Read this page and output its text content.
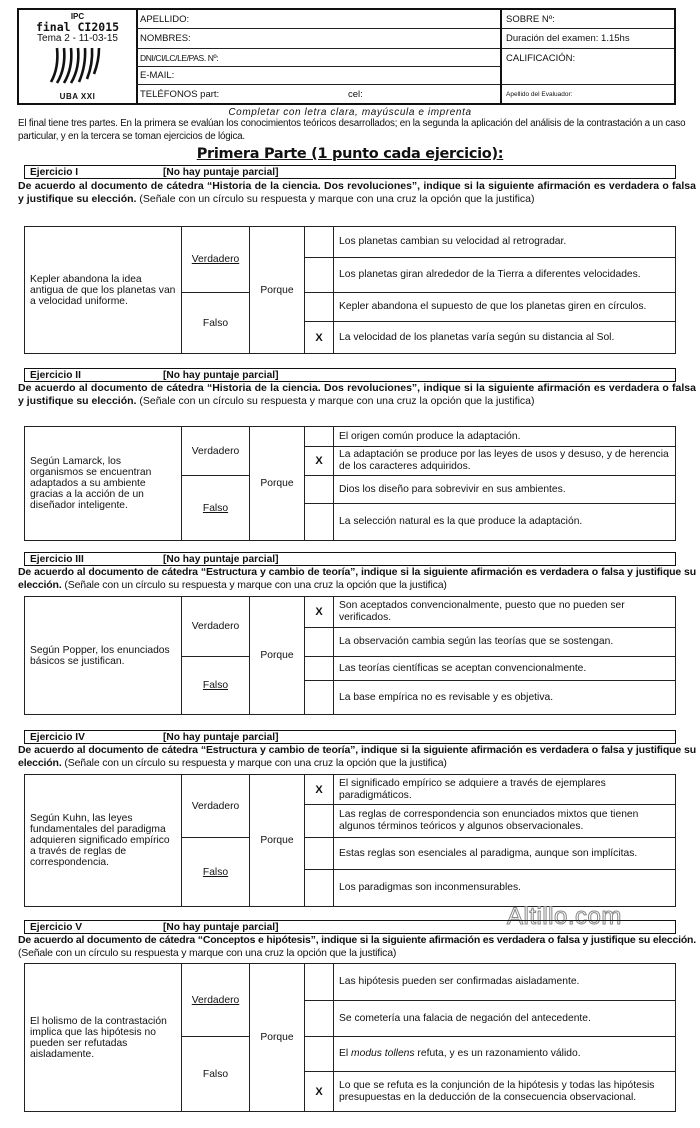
IPC
final CI2015
Tema 2 - 11-03-15
UBA XXI
APELLIDO:
NOMBRES:
DNI/CI/LC/LE/PAS. Nº:
E-MAIL:
TELÉFONOS part:	cel:
SOBRE Nº:
Duración del examen: 1.15hs
CALIFICACIÓN:
Apellido del Evaluador:
Completar con letra clara, mayúscula e imprenta
El final tiene tres partes. En la primera se evalúan los conocimientos teóricos desarrollados; en la segunda la aplicación del análisis de la contrastación a un caso particular, y en la tercera se toman ejercicios de lógica.
Primera Parte (1 punto cada ejercicio):
Ejercicio I	[No hay puntaje parcial]
De acuerdo al documento de cátedra “Historia de la ciencia. Dos revoluciones”, indique si la siguiente afirmación es verdadera o falsa y justifique su elección. (Señale con un círculo su respuesta y marque con una cruz la opción que la justifica)
Kepler abandona la idea antigua de que los planetas van a velocidad uniforme.	Verdadero	Porque		Los planetas cambian su velocidad al retrogradar.
				Los planetas giran alrededor de la Tierra a diferentes velocidades.
	Falso			Kepler abandona el supuesto de que los planetas giren en círculos.
			X	La velocidad de los planetas varía según su distancia al Sol.
Ejercicio II	[No hay puntaje parcial]
De acuerdo al documento de cátedra “Historia de la ciencia. Dos revoluciones”, indique si la siguiente afirmación es verdadera o falsa y justifique su elección. (Señale con un círculo su respuesta y marque con una cruz la opción que la justifica)
Según Lamarck, los organismos se encuentran adaptados a su ambiente gracias a la acción de un diseñador inteligente.	Verdadero	Porque		El origen común produce la adaptación.
			X	La adaptación se produce por las leyes de usos y desuso, y de herencia de los caracteres adquiridos.
	Falso			Dios los diseño para sobrevivir en sus ambientes.
				La selección natural es la que produce la adaptación.
Ejercicio III	[No hay puntaje parcial]
De acuerdo al documento de cátedra “Estructura y cambio de teoría”, indique si la siguiente afirmación es verdadera o falsa y justifique su elección. (Señale con un círculo su respuesta y marque con una cruz la opción que la justifica)
Según Popper, los enunciados básicos se justifican.	Verdadero	Porque	X	Son aceptados convencionalmente, puesto que no pueden ser verificados.
				La observación cambia según las teorías que se sostengan.
	Falso			Las teorías científicas se aceptan convencionalmente.
				La base empírica no es revisable y es objetiva.
Ejercicio IV	[No hay puntaje parcial]
De acuerdo al documento de cátedra “Estructura y cambio de teoría”, indique si la siguiente afirmación es verdadera o falsa y justifique su elección. (Señale con un círculo su respuesta y marque con una cruz la opción que la justifica)
Según Kuhn, las leyes fundamentales del paradigma adquieren significado empírico a través de reglas de correspondencia.	Verdadero	Porque	X	El significado empírico se adquiere a través de ejemplares paradigmáticos.
				Las reglas de correspondencia son enunciados mixtos que tienen algunos términos teóricos y algunos observacionales.
	Falso			Estas reglas son esenciales al paradigma, aunque son implícitas.
				Los paradigmas son inconmensurables.
Altillo.com
Ejercicio V	[No hay puntaje parcial]
De acuerdo al documento de cátedra “Conceptos e hipótesis”, indique si la siguiente afirmación es verdadera o falsa y justifique su elección. (Señale con un círculo su respuesta y marque con una cruz la opción que la justifica)
El holismo de la contrastación implica que las hipótesis no pueden ser refutadas aisladamente.	Verdadero	Porque		Las hipótesis pueden ser confirmadas aisladamente.
				Se cometería una falacia de negación del antecedente.
	Falso			El modus tollens refuta, y es un razonamiento válido.
			X	Lo que se refuta es la conjunción de la hipótesis y todas las hipótesis presupuestas en la deducción de la consecuencia observacional.
